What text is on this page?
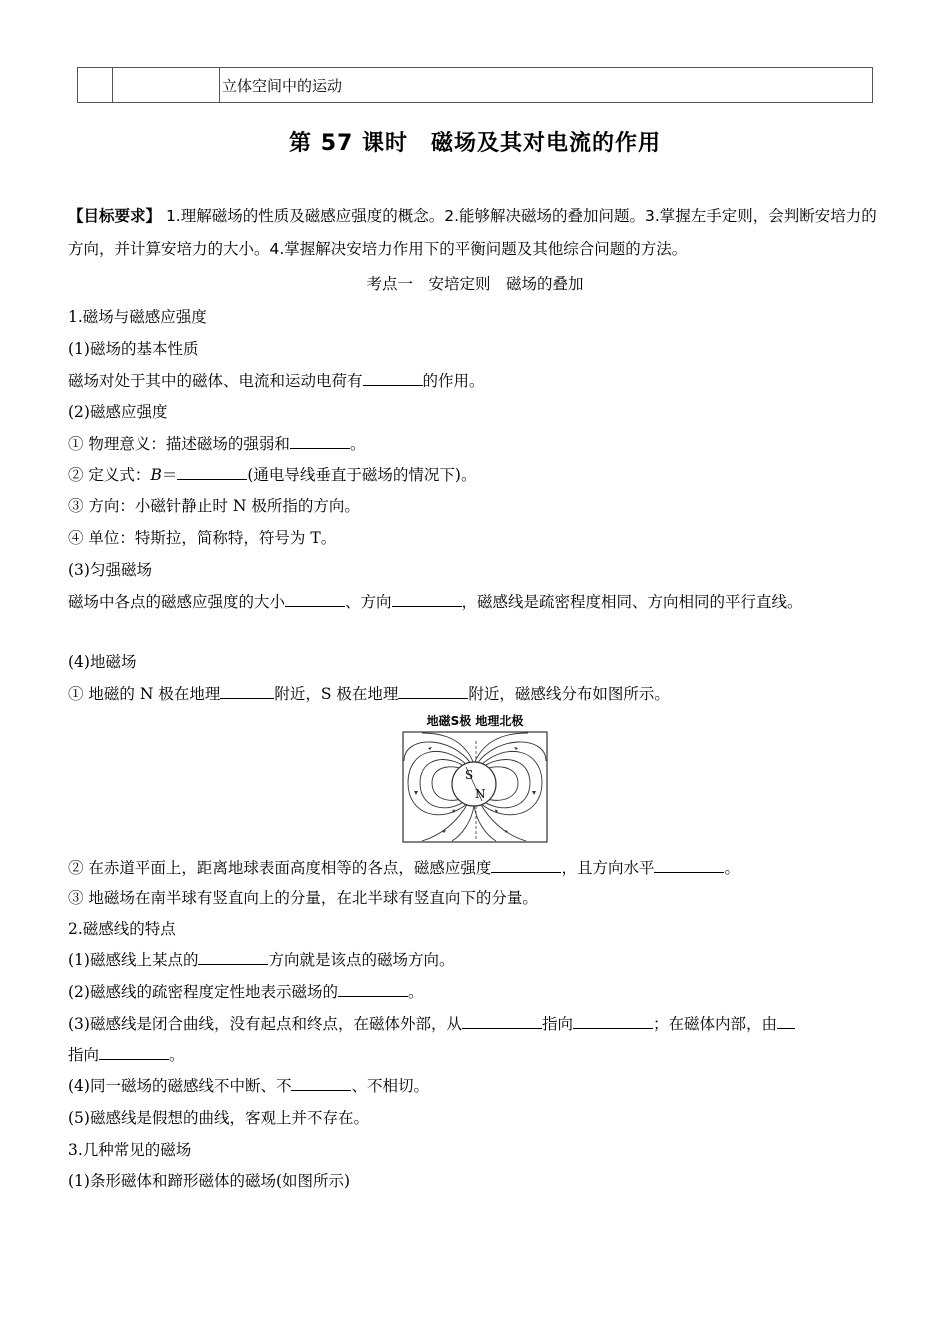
		立体空间中的运动
第 57 课时　磁场及其对电流的作用
【目标要求】 1.理解磁场的性质及磁感应强度的概念。2.能够解决磁场的叠加问题。3.掌握左手定则，会判断安培力的方向，并计算安培力的大小。4.掌握解决安培力作用下的平衡问题及其他综合问题的方法。
考点一　安培定则　磁场的叠加
1.磁场与磁感应强度
(1)磁场的基本性质
磁场对处于其中的磁体、电流和运动电荷有	的作用。
(2)磁感应强度
① 物理意义：描述磁场的强弱和	。
② 定义式：B＝	(通电导线垂直于磁场的情况下)。
③ 方向：小磁针静止时 N 极所指的方向。
④ 单位：特斯拉，简称特，符号为 T。
(3)匀强磁场
磁场中各点的磁感应强度的大小	、方向	，磁感线是疏密程度相同、方向相同的平行直线。
(4)地磁场
① 地磁的 N 极在地理	附近，S 极在地理	附近，磁感线分布如图所示。
地磁S极 地理北极
S
N
② 在赤道平面上，距离地球表面高度相等的各点，磁感应强度	，且方向水平	。
③ 地磁场在南半球有竖直向上的分量，在北半球有竖直向下的分量。
2.磁感线的特点
(1)磁感线上某点的	方向就是该点的磁场方向。
(2)磁感线的疏密程度定性地表示磁场的	。
(3)磁感线是闭合曲线，没有起点和终点，在磁体外部，从	指向	；在磁体内部，由
指向	。
(4)同一磁场的磁感线不中断、不	、不相切。
(5)磁感线是假想的曲线，客观上并不存在。
3.几种常见的磁场
(1)条形磁体和蹄形磁体的磁场(如图所示)
